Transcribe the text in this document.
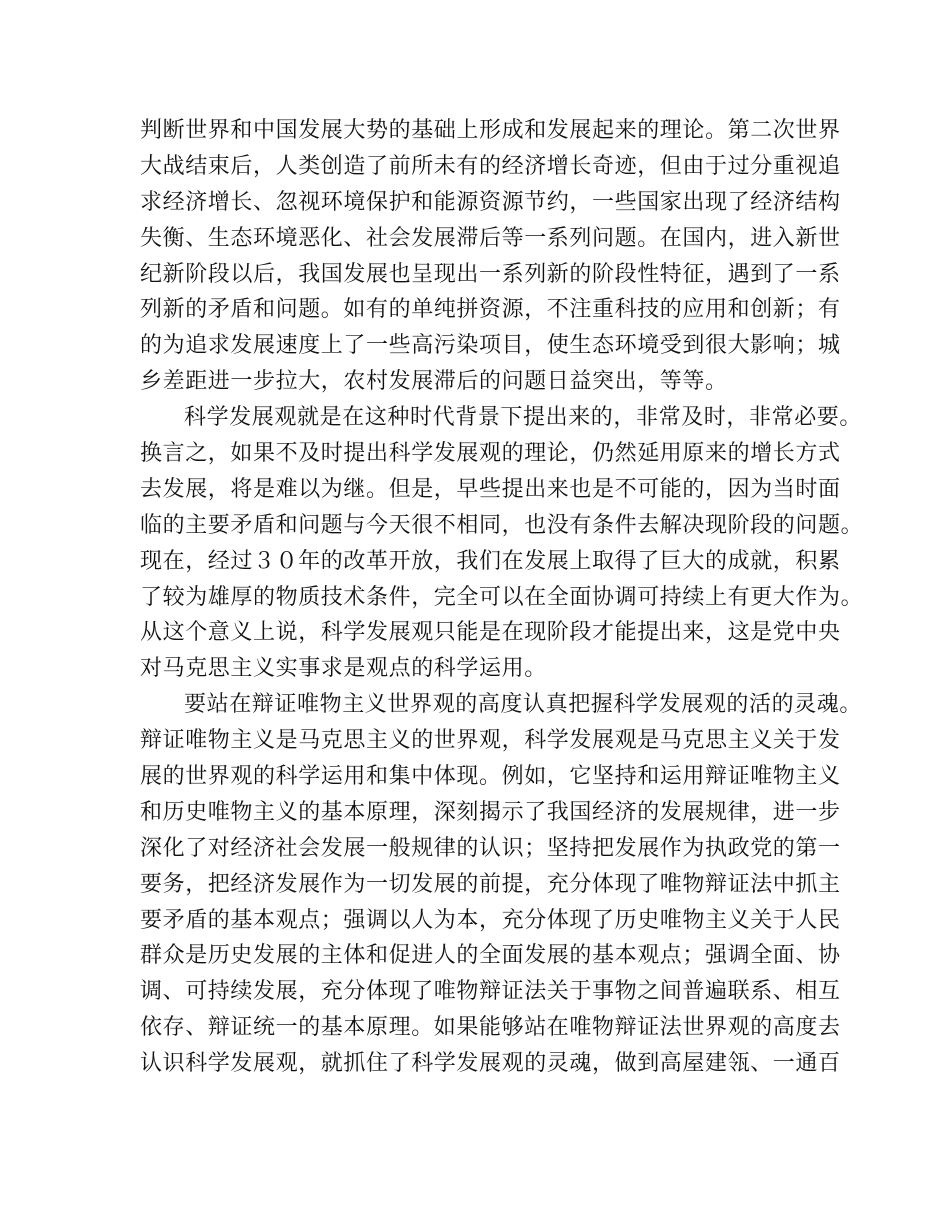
判断世界和中国发展大势的基础上形成和发展起来的理论。第二次世界
大战结束后，人类创造了前所未有的经济增长奇迹，但由于过分重视追
求经济增长、忽视环境保护和能源资源节约，一些国家出现了经济结构
失衡、生态环境恶化、社会发展滞后等一系列问题。在国内，进入新世
纪新阶段以后，我国发展也呈现出一系列新的阶段性特征，遇到了一系
列新的矛盾和问题。如有的单纯拼资源，不注重科技的应用和创新；有
的为追求发展速度上了一些高污染项目，使生态环境受到很大影响；城
乡差距进一步拉大，农村发展滞后的问题日益突出，等等。
科学发展观就是在这种时代背景下提出来的，非常及时，非常必要。
换言之，如果不及时提出科学发展观的理论，仍然延用原来的增长方式
去发展，将是难以为继。但是，早些提出来也是不可能的，因为当时面
临的主要矛盾和问题与今天很不相同，也没有条件去解决现阶段的问题。
现在，经过３０年的改革开放，我们在发展上取得了巨大的成就，积累
了较为雄厚的物质技术条件，完全可以在全面协调可持续上有更大作为。
从这个意义上说，科学发展观只能是在现阶段才能提出来，这是党中央
对马克思主义实事求是观点的科学运用。
要站在辩证唯物主义世界观的高度认真把握科学发展观的活的灵魂。
辩证唯物主义是马克思主义的世界观，科学发展观是马克思主义关于发
展的世界观的科学运用和集中体现。例如，它坚持和运用辩证唯物主义
和历史唯物主义的基本原理，深刻揭示了我国经济的发展规律，进一步
深化了对经济社会发展一般规律的认识；坚持把发展作为执政党的第一
要务，把经济发展作为一切发展的前提，充分体现了唯物辩证法中抓主
要矛盾的基本观点；强调以人为本，充分体现了历史唯物主义关于人民
群众是历史发展的主体和促进人的全面发展的基本观点；强调全面、协
调、可持续发展，充分体现了唯物辩证法关于事物之间普遍联系、相互
依存、辩证统一的基本原理。如果能够站在唯物辩证法世界观的高度去
认识科学发展观，就抓住了科学发展观的灵魂，做到高屋建瓴、一通百
